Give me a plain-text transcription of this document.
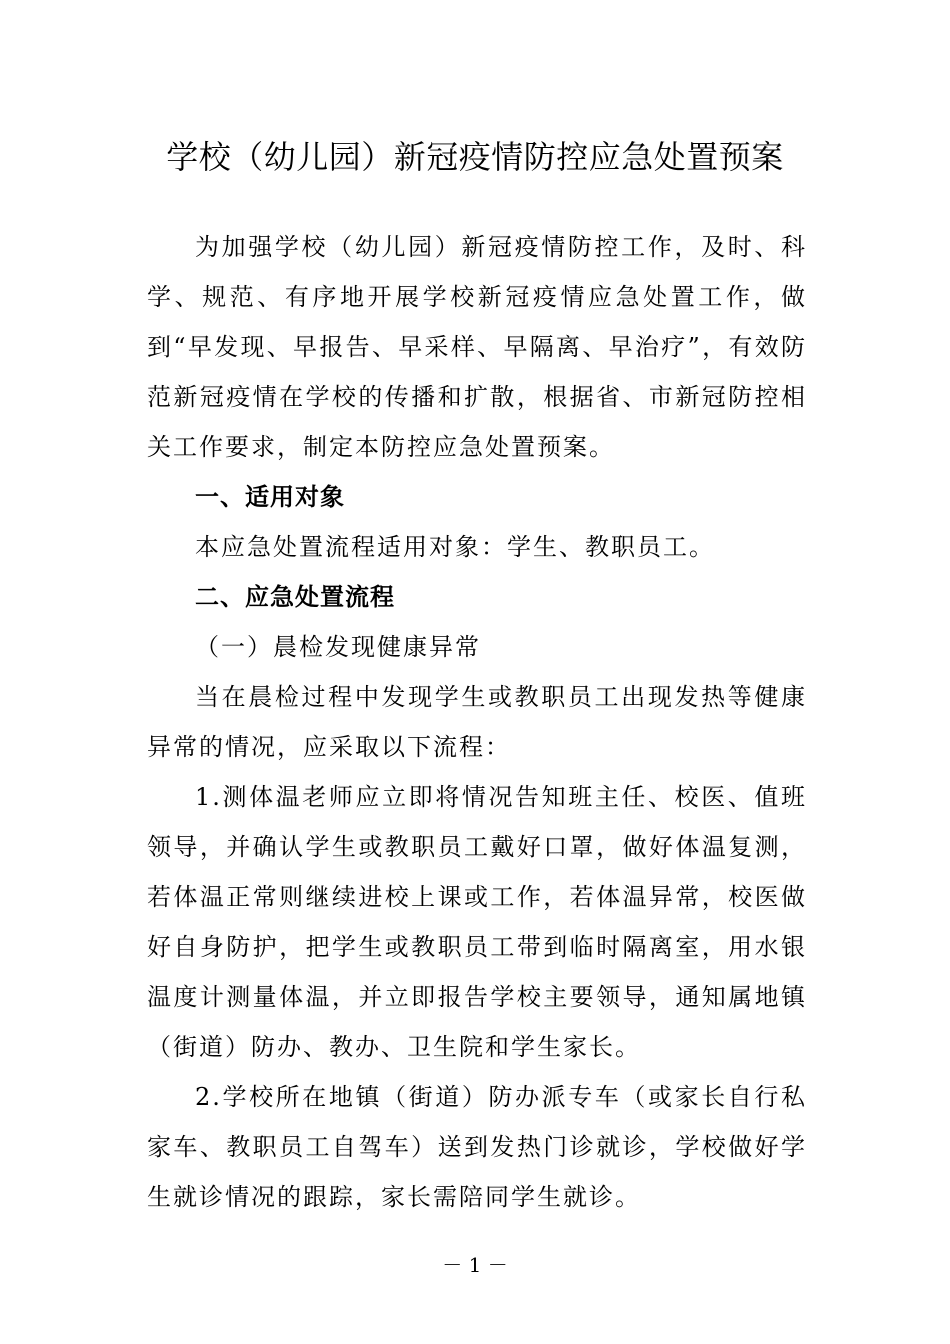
学校（幼儿园）新冠疫情防控应急处置预案

为加强学校（幼儿园）新冠疫情防控工作，及时、科学、规范、有序地开展学校新冠疫情应急处置工作，做到“早发现、早报告、早采样、早隔离、早治疗”，有效防范新冠疫情在学校的传播和扩散，根据省、市新冠防控相关工作要求，制定本防控应急处置预案。

一、适用对象

本应急处置流程适用对象：学生、教职员工。

二、应急处置流程

（一）晨检发现健康异常

当在晨检过程中发现学生或教职员工出现发热等健康异常的情况，应采取以下流程：

1.测体温老师应立即将情况告知班主任、校医、值班领导，并确认学生或教职员工戴好口罩，做好体温复测，若体温正常则继续进校上课或工作，若体温异常，校医做好自身防护，把学生或教职员工带到临时隔离室，用水银温度计测量体温，并立即报告学校主要领导，通知属地镇（街道）防办、教办、卫生院和学生家长。

2.学校所在地镇（街道）防办派专车（或家长自行私家车、教职员工自驾车）送到发热门诊就诊，学校做好学生就诊情况的跟踪，家长需陪同学生就诊。

－ 1 －
